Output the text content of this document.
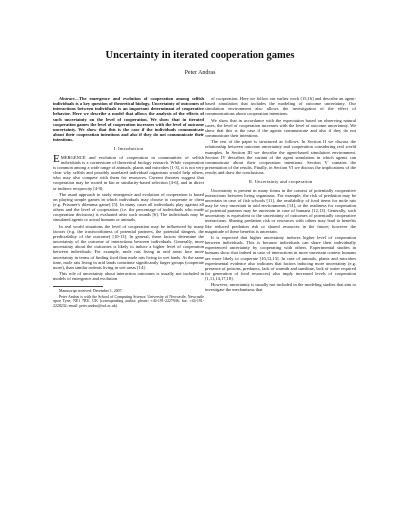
Uncertainty in iterated cooperation games
Peter Andras

Abstract—The emergence and evolution of cooperation among selfish individuals is a key question of theoretical biology. Uncertainty of outcomes of interactions between individuals is an important determinant of cooperative behavior. Here we describe a model that allows the analysis of the effects of such uncertainty on the level of cooperation. We show that in iterated cooperation games the level of cooperation increases with the level of outcome uncertainty. We show that this is the case if the individuals communicate about their cooperation intentions and also if they do not communicate their intentions.

I. Introduction

EMERGENCE and evolution of cooperation in communities of selfish individuals is a cornerstone of theoretical biology research. While cooperation is common among a wide range of animals, plants and microbes [1-3], it is not very clear why selfish and possibly unrelated individual organisms would help others, who may also compete with them for resources. Current theories suggest that cooperation may be rooted in kin or similarity-based selection [4-6], and in direct or indirect reciprocity [4-9].

The usual approach to study emergence and evolution of cooperation is based on playing simple games in which individuals may choose to cooperate or cheat (e.g. Prisoner's dilemma game) [5]. In many cases all individuals play against all others and the level of cooperation (i.e. the percentage of individuals who made cooperation decisions) is evaluated after such rounds [6]. The individuals may be simulated agents or actual humans or animals.

In real world situations the level of cooperation may be influenced by many factors (e.g. the trustworthiness of potential partners, the potential dangers, the predictability of the outcome) [10-13]. In general, these factors determine the uncertainty of the outcome of interactions between individuals. Generally, more uncertainty about the outcomes is likely to induce a higher level of cooperation between individuals. For example, mole rats living in arid areas face more uncertainty in terms of finding food than mole rats living in wet lands. At the same time, mole rats living in arid lands constitute significantly larger groups (cooperate more), than similar rodents living in wet areas [14].

This role of uncertainty about interaction outcomes is usually not included in models of emergence and evolution

Manuscript received: December 1, 2007.

Peter Andras is with the School of Computing Science, University of Newcastle, Newcastle upon Tyne, NE1 7RU, UK (corresponding author; phone: +44-191-2227946; fax: +44-191-2228232; email: peter.andras@ncl.ac.uk).

of cooperation. Here we follow our earlier work [15,16] and describe an agent-based simulation that includes the modeling of outcome uncertainty. Our simulation environment also allows the investigation of the effect of communications about cooperation intentions.

We show that in accordance with the expectation based on observing natural cases, the level of cooperation increases with the level of outcome uncertainty. We show that this is the case if the agents communicate and also if they do not communicate their intentions.

The rest of the paper is structured as follows. In Section II we discuss the relationship between outcome uncertainty and cooperation considering real world examples. In Section III we describe the agent-based simulation environment. Section IV describes the variant of the agent simulation in which agents can communicate about their cooperation intentions. Section V contains the presentation of the results. Finally, in Section VI we discuss the implications of the results and draw the conclusions.

II. Uncertainty and cooperation

Uncertainty is present in many forms in the context of potentially cooperative interactions between living organisms. For example, the risk of predation may be uncertain in case of fish schools [11], the availability of food items for mole rats may be very uncertain in arid environments [14], or the readiness for cooperation of potential partners may be uncertain in case of humans [12,13]. Generally, such uncertainty is equivalent to the uncertainty of outcomes of potentially cooperative interactions. Sharing predation risk or resources with others may lead to benefits like reduced predation risk or shared resources in the future; however the magnitude of these benefits is uncertain.

It is expected that higher uncertainty induces higher level of cooperation between individuals. This is because individuals can share their individually experienced uncertainty by cooperating with others. Experimental studies in humans show that indeed in case of interactions in more uncertain context humans are more likely to cooperate [10,12,13]. In case of animals, plants and microbes experimental evidence also indicates that factors inducing more uncertainty (e.g. presence of poisons, predators, lack of warmth and sunshine, lack of water required for generation of food resources) also imply increased levels of cooperation [1,11,14,17,18].

However, uncertainty is usually not included in the modeling studies that aim to investigate the mechanisms that
